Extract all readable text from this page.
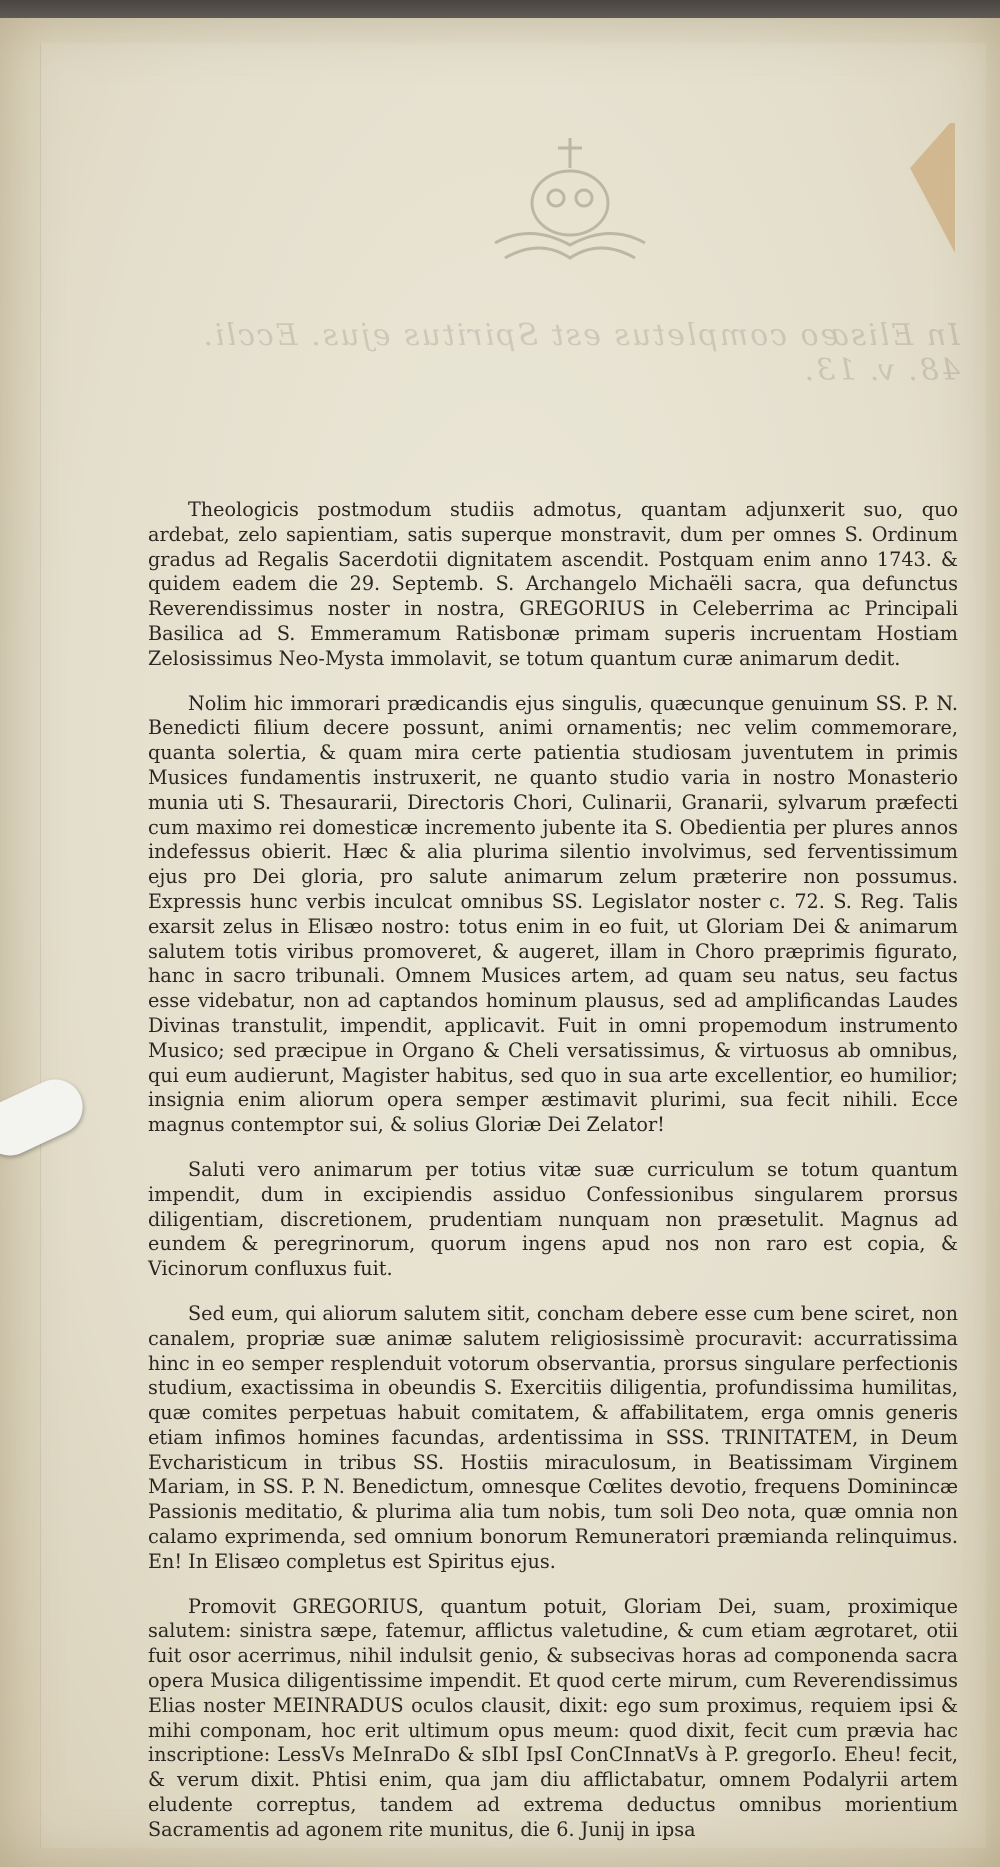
In Elisæo completus est Spiritus ejus. Eccli. 48. v. 13.

Theologicis postmodum studiis admotus, quantam adjunxerit suo, quo ardebat, zelo sapientiam, satis superque monstravit, dum per omnes S. Ordinum gradus ad Regalis Sacerdotii dignitatem ascendit. Postquam enim anno 1743. & quidem eadem die 29. Septemb. S. Archangelo Michaëli sacra, qua defunctus Reverendissimus noster in nostra, GREGORIUS in Celeberrima ac Principali Basilica ad S. Emmeramum Ratisbonæ primam superis incruentam Hostiam Zelosissimus Neo-Mysta immolavit, se totum quantum curæ animarum dedit.

Nolim hic immorari prædicandis ejus singulis, quæcunque genuinum SS. P. N. Benedicti filium decere possunt, animi ornamentis; nec velim commemorare, quanta solertia, & quam mira certe patientia studiosam juventutem in primis Musices fundamentis instruxerit, ne quanto studio varia in nostro Monasterio munia uti S. Thesaurarii, Directoris Chori, Culinarii, Granarii, sylvarum præfecti cum maximo rei domesticæ incremento jubente ita S. Obedientia per plures annos indefessus obierit. Hæc & alia plurima silentio involvimus, sed ferventissimum ejus pro Dei gloria, pro salute animarum zelum præterire non possumus. Expressis hunc verbis inculcat omnibus SS. Legislator noster c. 72. S. Reg. Talis exarsit zelus in Elisæo nostro: totus enim in eo fuit, ut Gloriam Dei & animarum salutem totis viribus promoveret, & augeret, illam in Choro præprimis figurato, hanc in sacro tribunali. Omnem Musices artem, ad quam seu natus, seu factus esse videbatur, non ad captandos hominum plausus, sed ad amplificandas Laudes Divinas transtulit, impendit, applicavit. Fuit in omni propemodum instrumento Musico; sed præcipue in Organo & Cheli versatissimus, & virtuosus ab omnibus, qui eum audierunt, Magister habitus, sed quo in sua arte excellentior, eo humilior; insignia enim aliorum opera semper æstimavit plurimi, sua fecit nihili. Ecce magnus contemptor sui, & solius Gloriæ Dei Zelator!

Saluti vero animarum per totius vitæ suæ curriculum se totum quantum impendit, dum in excipiendis assiduo Confessionibus singularem prorsus diligentiam, discretionem, prudentiam nunquam non præsetulit. Magnus ad eundem & peregrinorum, quorum ingens apud nos non raro est copia, & Vicinorum confluxus fuit.

Sed eum, qui aliorum salutem sitit, concham debere esse cum bene sciret, non canalem, propriæ suæ animæ salutem religiosissimè procuravit: accurratissima hinc in eo semper resplenduit votorum observantia, prorsus singulare perfectionis studium, exactissima in obeundis S. Exercitiis diligentia, profundissima humilitas, quæ comites perpetuas habuit comitatem, & affabilitatem, erga omnis generis etiam infimos homines facundas, ardentissima in SSS. TRINITATEM, in Deum Evcharisticum in tribus SS. Hostiis miraculosum, in Beatissimam Virginem Mariam, in SS. P. N. Benedictum, omnesque Cœlites devotio, frequens Dominincæ Passionis meditatio, & plurima alia tum nobis, tum soli Deo nota, quæ omnia non calamo exprimenda, sed omnium bonorum Remuneratori præmianda relinquimus. En! In Elisæo completus est Spiritus ejus.

Promovit GREGORIUS, quantum potuit, Gloriam Dei, suam, proximique salutem: sinistra sæpe, fatemur, afflictus valetudine, & cum etiam ægrotaret, otii fuit osor acerrimus, nihil indulsit genio, & subsecivas horas ad componenda sacra opera Musica diligentissime impendit. Et quod certe mirum, cum Reverendissimus Elias noster MEINRADUS oculos clausit, dixit: ego sum proximus, requiem ipsi & mihi componam, hoc erit ultimum opus meum: quod dixit, fecit cum prævia hac inscriptione: LessVs MeInraDo & sIbI IpsI ConCInnatVs à P. gregorIo. Eheu! fecit, & verum dixit. Phtisi enim, qua jam diu afflictabatur, omnem Podalyrii artem eludente correptus, tandem ad extrema deductus omnibus morientium Sacramentis ad agonem rite munitus, die 6. Junij in ipsa
